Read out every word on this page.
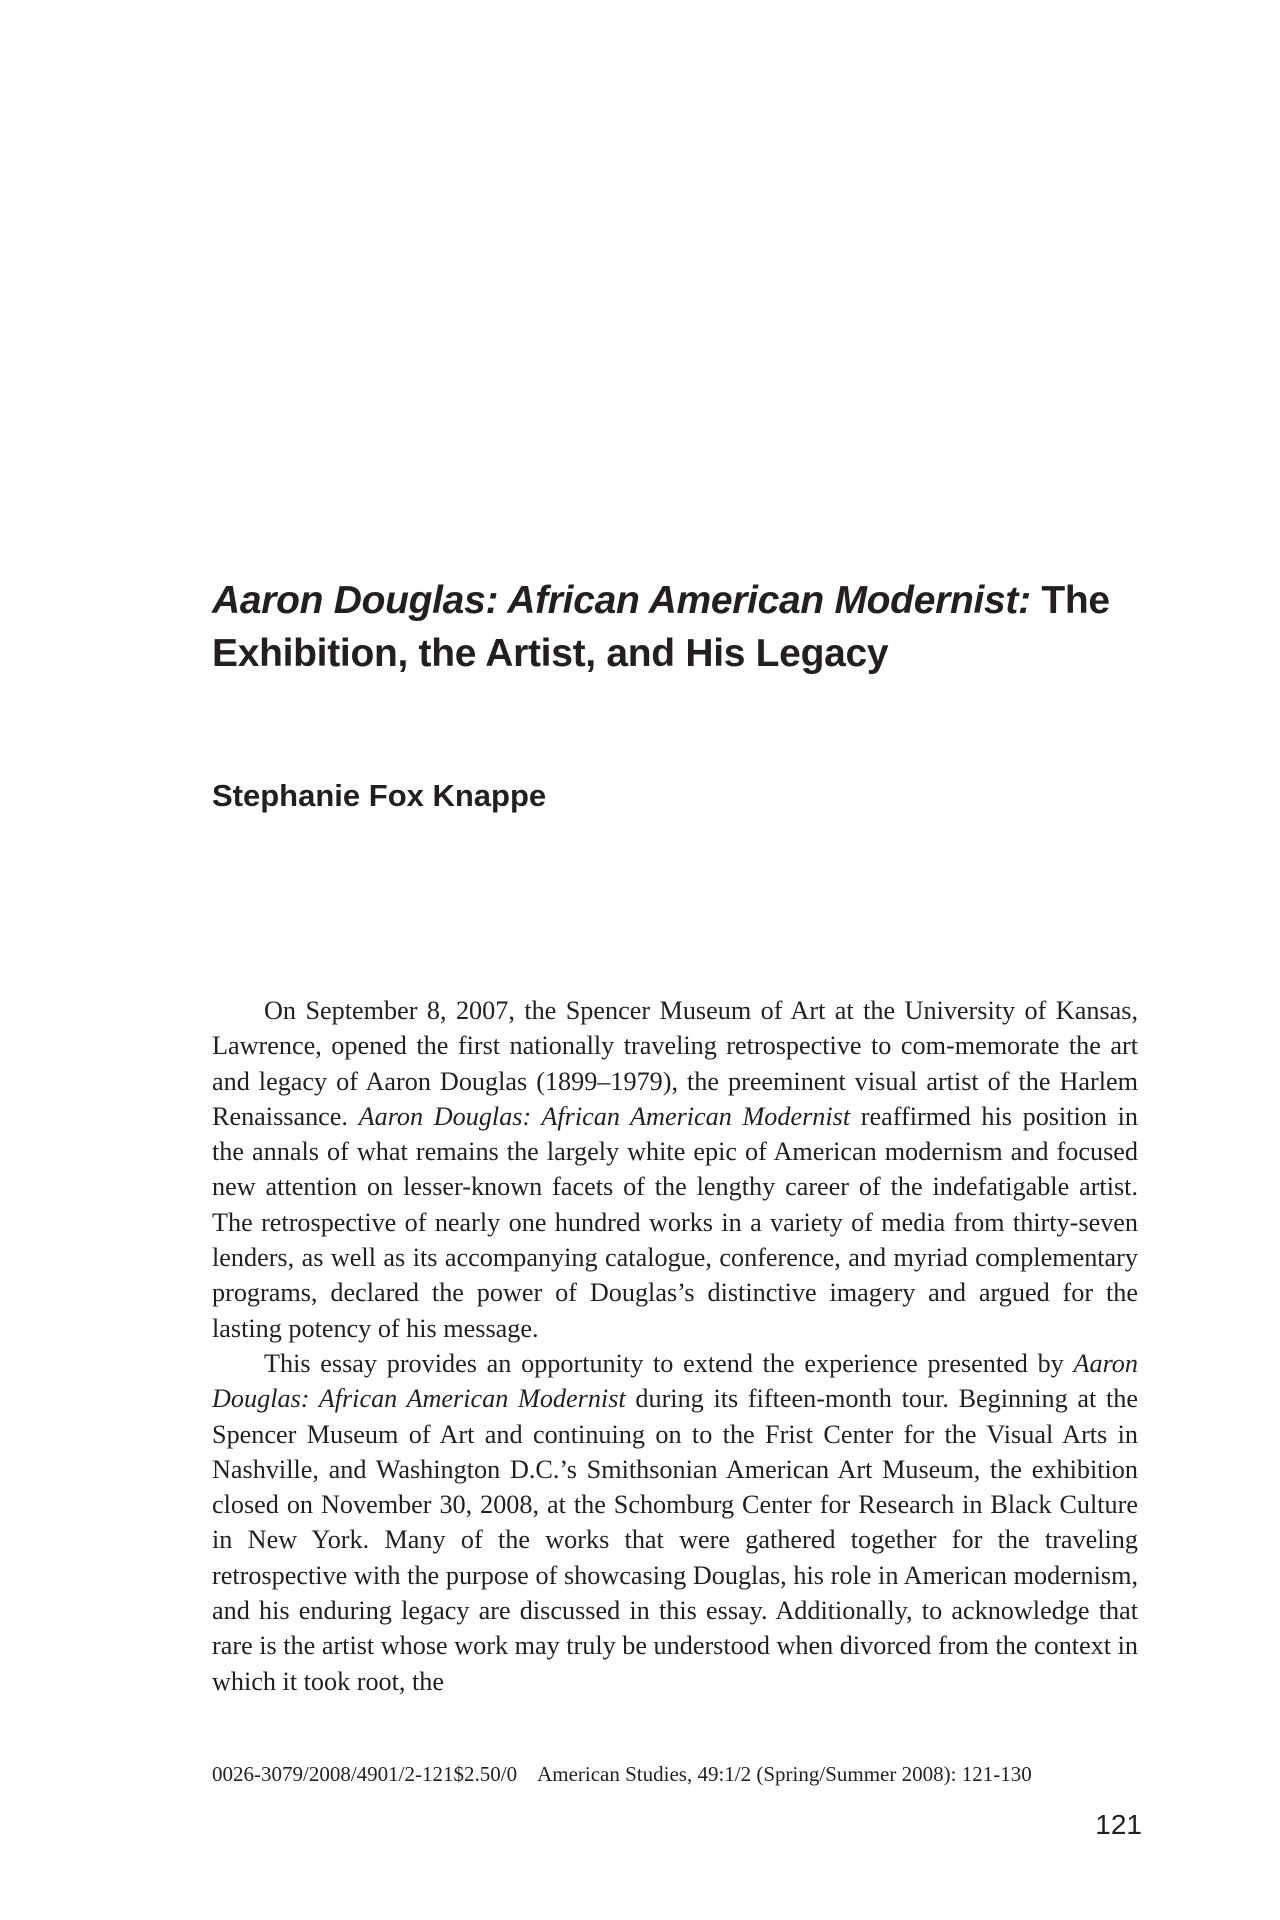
Aaron Douglas: African American Modernist: The Exhibition, the Artist, and His Legacy
Stephanie Fox Knappe

On September 8, 2007, the Spencer Museum of Art at the University of Kansas, Lawrence, opened the first nationally traveling retrospective to com-memorate the art and legacy of Aaron Douglas (1899–1979), the preeminent visual artist of the Harlem Renaissance. Aaron Douglas: African American Modernist reaffirmed his position in the annals of what remains the largely white epic of American modernism and focused new attention on lesser-known facets of the lengthy career of the indefatigable artist. The retrospective of nearly one hundred works in a variety of media from thirty-seven lenders, as well as its accompanying catalogue, conference, and myriad complementary programs, declared the power of Douglas’s distinctive imagery and argued for the lasting potency of his message.

This essay provides an opportunity to extend the experience presented by Aaron Douglas: African American Modernist during its fifteen-month tour. Beginning at the Spencer Museum of Art and continuing on to the Frist Center for the Visual Arts in Nashville, and Washington D.C.’s Smithsonian American Art Museum, the exhibition closed on November 30, 2008, at the Schomburg Center for Research in Black Culture in New York. Many of the works that were gathered together for the traveling retrospective with the purpose of showcasing Douglas, his role in American modernism, and his enduring legacy are discussed in this essay. Additionally, to acknowledge that rare is the artist whose work may truly be understood when divorced from the context in which it took root, the

0026-3079/2008/4901/2-121$2.50/0 American Studies, 49:1/2 (Spring/Summer 2008): 121-130
121
